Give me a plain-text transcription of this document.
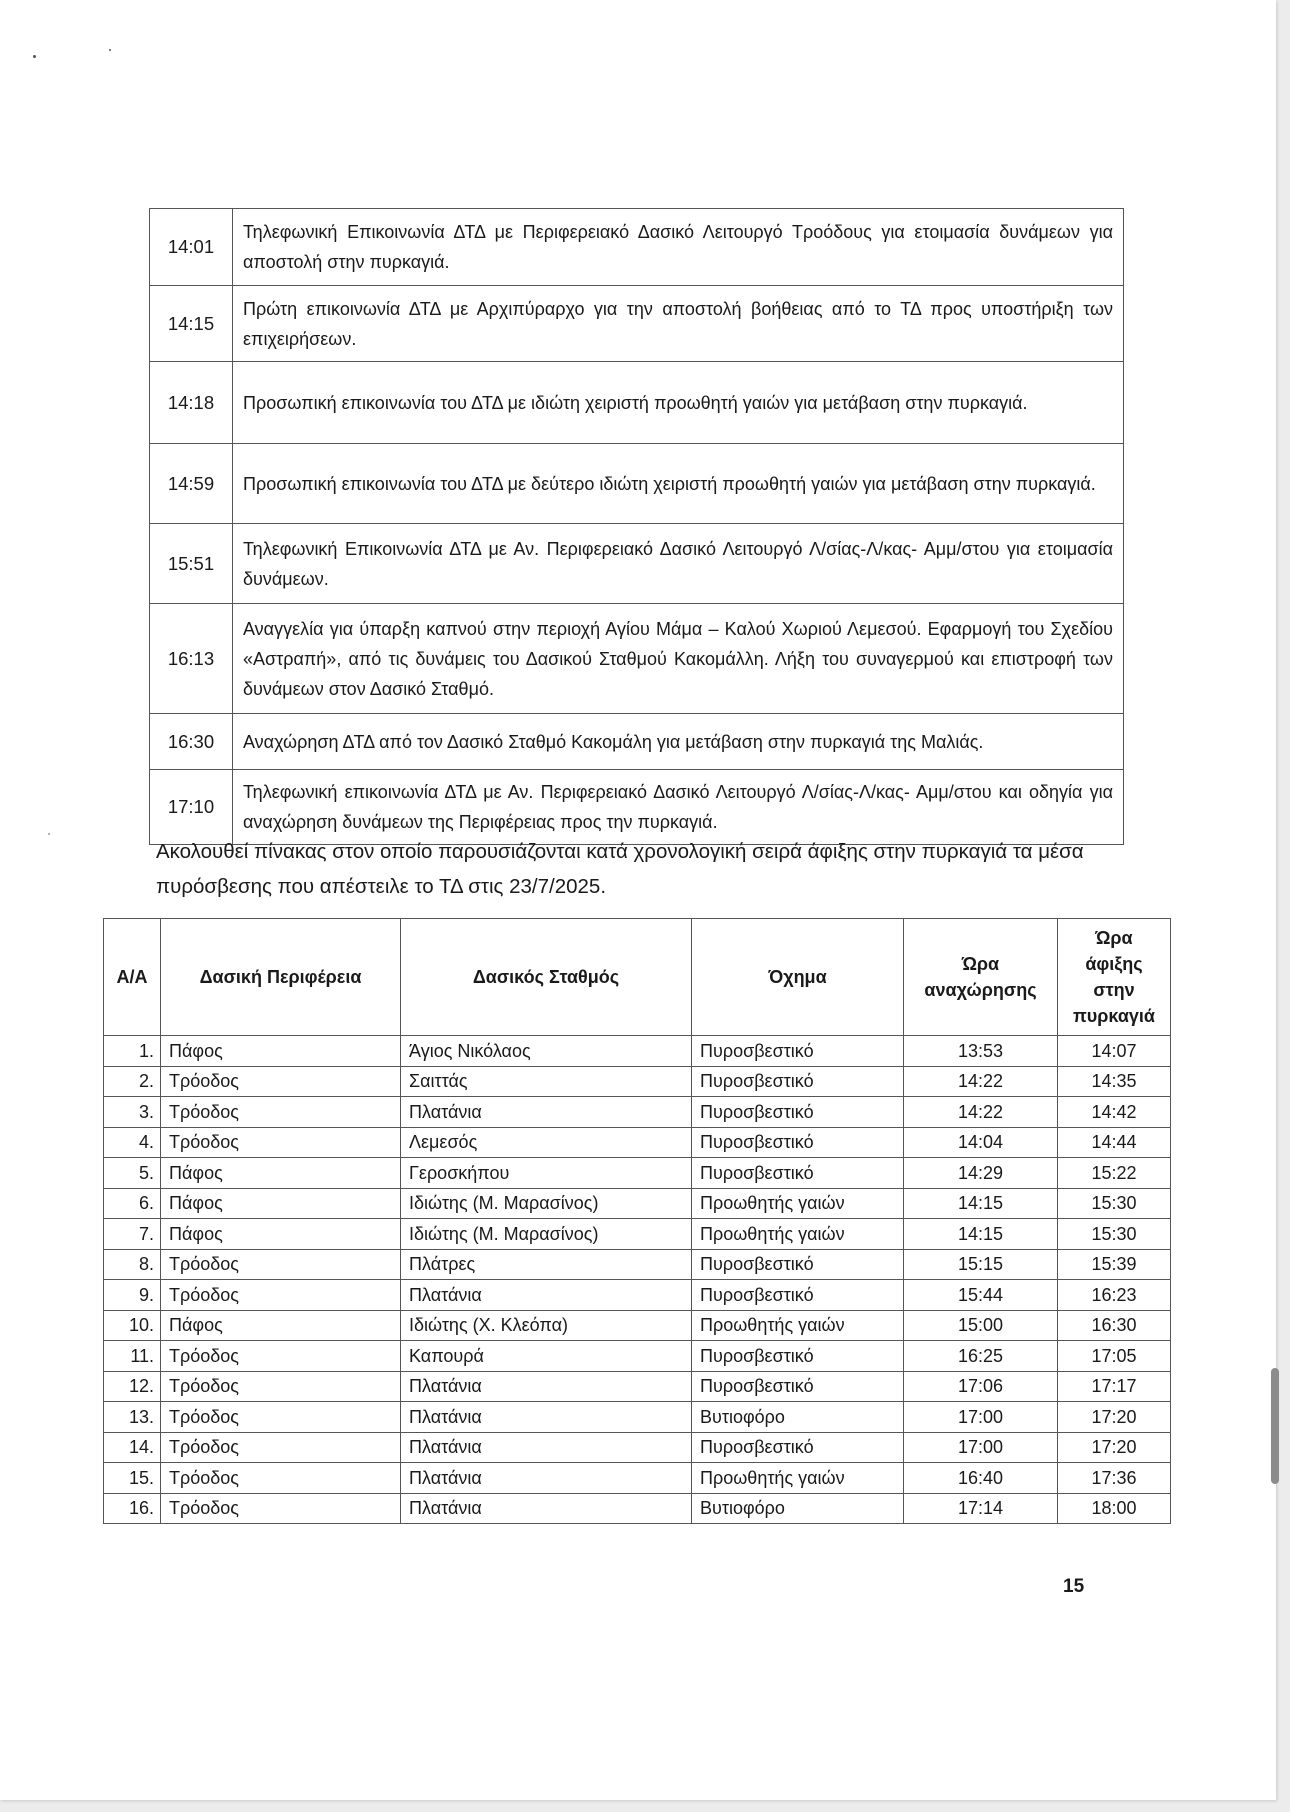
14:01	Τηλεφωνική Επικοινωνία ΔΤΔ με Περιφερειακό Δασικό Λειτουργό Τροόδους για ετοιμασία δυνάμεων για αποστολή στην πυρκαγιά.
14:15	Πρώτη επικοινωνία ΔΤΔ με Αρχιπύραρχο για την αποστολή βοήθειας από το ΤΔ προς υποστήριξη των επιχειρήσεων.
14:18	Προσωπική επικοινωνία του ΔΤΔ με ιδιώτη χειριστή προωθητή γαιών για μετάβαση στην πυρκαγιά.
14:59	Προσωπική επικοινωνία του ΔΤΔ με δεύτερο ιδιώτη χειριστή προωθητή γαιών για μετάβαση στην πυρκαγιά.
15:51	Τηλεφωνική Επικοινωνία ΔΤΔ με Αν. Περιφερειακό Δασικό Λειτουργό Λ/σίας-Λ/κας- Αμμ/στου για ετοιμασία δυνάμεων.
16:13	Αναγγελία για ύπαρξη καπνού στην περιοχή Αγίου Μάμα – Καλού Χωριού Λεμεσού. Εφαρμογή του Σχεδίου «Αστραπή», από τις δυνάμεις του Δασικού Σταθμού Κακομάλλη. Λήξη του συναγερμού και επιστροφή των δυνάμεων στον Δασικό Σταθμό.
16:30	Αναχώρηση ΔΤΔ από τον Δασικό Σταθμό Κακομάλη για μετάβαση στην πυρκαγιά της Μαλιάς.
17:10	Τηλεφωνική επικοινωνία ΔΤΔ με Αν. Περιφερειακό Δασικό Λειτουργό Λ/σίας-Λ/κας- Αμμ/στου και οδηγία για αναχώρηση δυνάμεων της Περιφέρειας προς την πυρκαγιά.

Ακολουθεί πίνακας στον οποίο παρουσιάζονται κατά χρονολογική σειρά άφιξης στην πυρκαγιά τα μέσα πυρόσβεσης που απέστειλε το ΤΔ στις 23/7/2025.

Α/Α	Δασική Περιφέρεια	Δασικός Σταθμός	Όχημα	Ώρα αναχώρησης	Ώρα άφιξης στην πυρκαγιά
1.	Πάφος	Άγιος Νικόλαος	Πυροσβεστικό	13:53	14:07
2.	Τρόοδος	Σαιττάς	Πυροσβεστικό	14:22	14:35
3.	Τρόοδος	Πλατάνια	Πυροσβεστικό	14:22	14:42
4.	Τρόοδος	Λεμεσός	Πυροσβεστικό	14:04	14:44
5.	Πάφος	Γεροσκήπου	Πυροσβεστικό	14:29	15:22
6.	Πάφος	Ιδιώτης (Μ. Μαρασίνος)	Προωθητής γαιών	14:15	15:30
7.	Πάφος	Ιδιώτης (Μ. Μαρασίνος)	Προωθητής γαιών	14:15	15:30
8.	Τρόοδος	Πλάτρες	Πυροσβεστικό	15:15	15:39
9.	Τρόοδος	Πλατάνια	Πυροσβεστικό	15:44	16:23
10.	Πάφος	Ιδιώτης (Χ. Κλεόπα)	Προωθητής γαιών	15:00	16:30
11.	Τρόοδος	Καπουρά	Πυροσβεστικό	16:25	17:05
12.	Τρόοδος	Πλατάνια	Πυροσβεστικό	17:06	17:17
13.	Τρόοδος	Πλατάνια	Βυτιοφόρο	17:00	17:20
14.	Τρόοδος	Πλατάνια	Πυροσβεστικό	17:00	17:20
15.	Τρόοδος	Πλατάνια	Προωθητής γαιών	16:40	17:36
16.	Τρόοδος	Πλατάνια	Βυτιοφόρο	17:14	18:00
15
